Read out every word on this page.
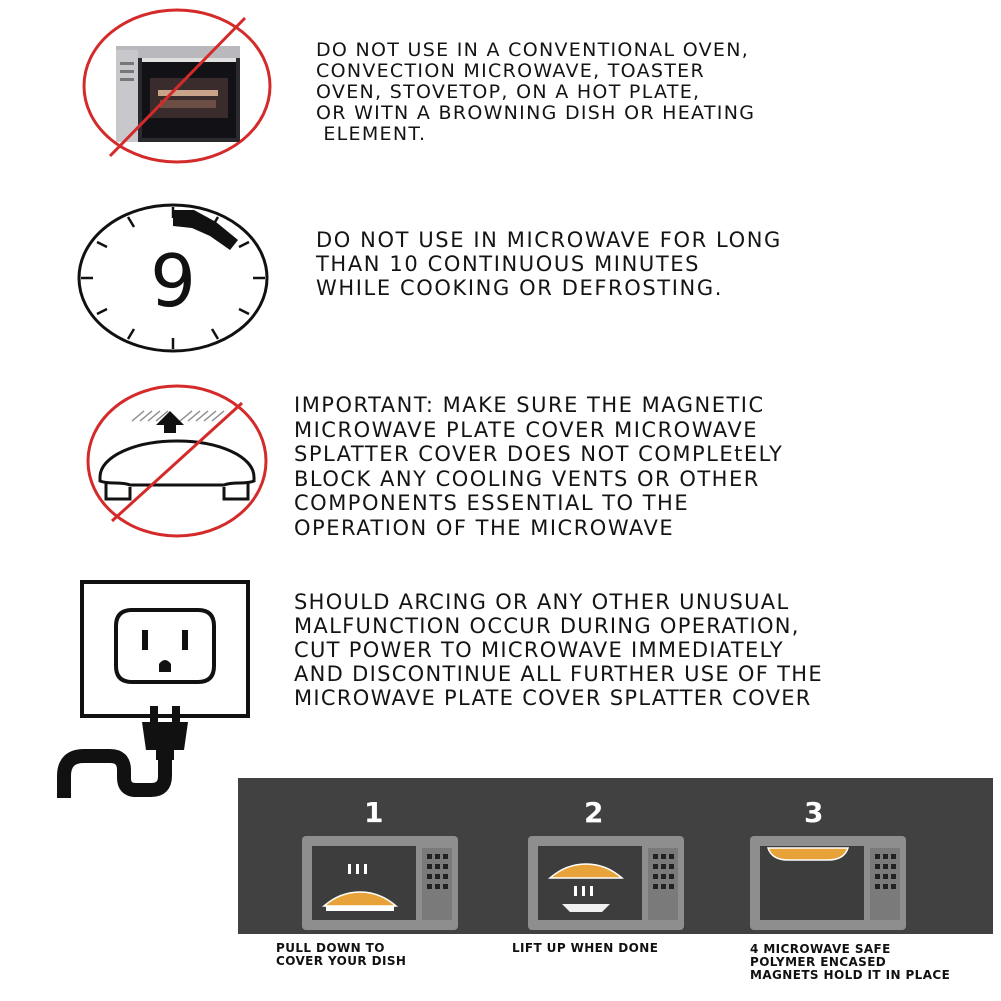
DO NOT USE IN A CONVENTIONAL OVEN,
CONVECTION MICROWAVE, TOASTER
OVEN, STOVETOP, ON A HOT PLATE,
OR WITN A BROWNING DISH OR HEATING
ELEMENT.

9	DO NOT USE IN MICROWAVE FOR LONG
THAN 10 CONTINUOUS MINUTES
WHILE COOKING OR DEFROSTING.

IMPORTANT: MAKE SURE THE MAGNETIC
MICROWAVE PLATE COVER MICROWAVE
SPLATTER COVER DOES NOT COMPLEtELY
BLOCK ANY COOLING VENTS OR OTHER
COMPONENTS ESSENTIAL TO THE
OPERATION OF THE MICROWAVE

SHOULD ARCING OR ANY OTHER UNUSUAL
MALFUNCTION OCCUR DURING OPERATION,
CUT POWER TO MICROWAVE IMMEDIATELY
AND DISCONTINUE ALL FURTHER USE OF THE
MICROWAVE PLATE COVER SPLATTER COVER

1	2	3

PULL DOWN TO
COVER YOUR DISH

LIFT UP WHEN DONE	4 MICROWAVE SAFE
POLYMER ENCASED
MAGNETS HOLD IT IN PLACE
